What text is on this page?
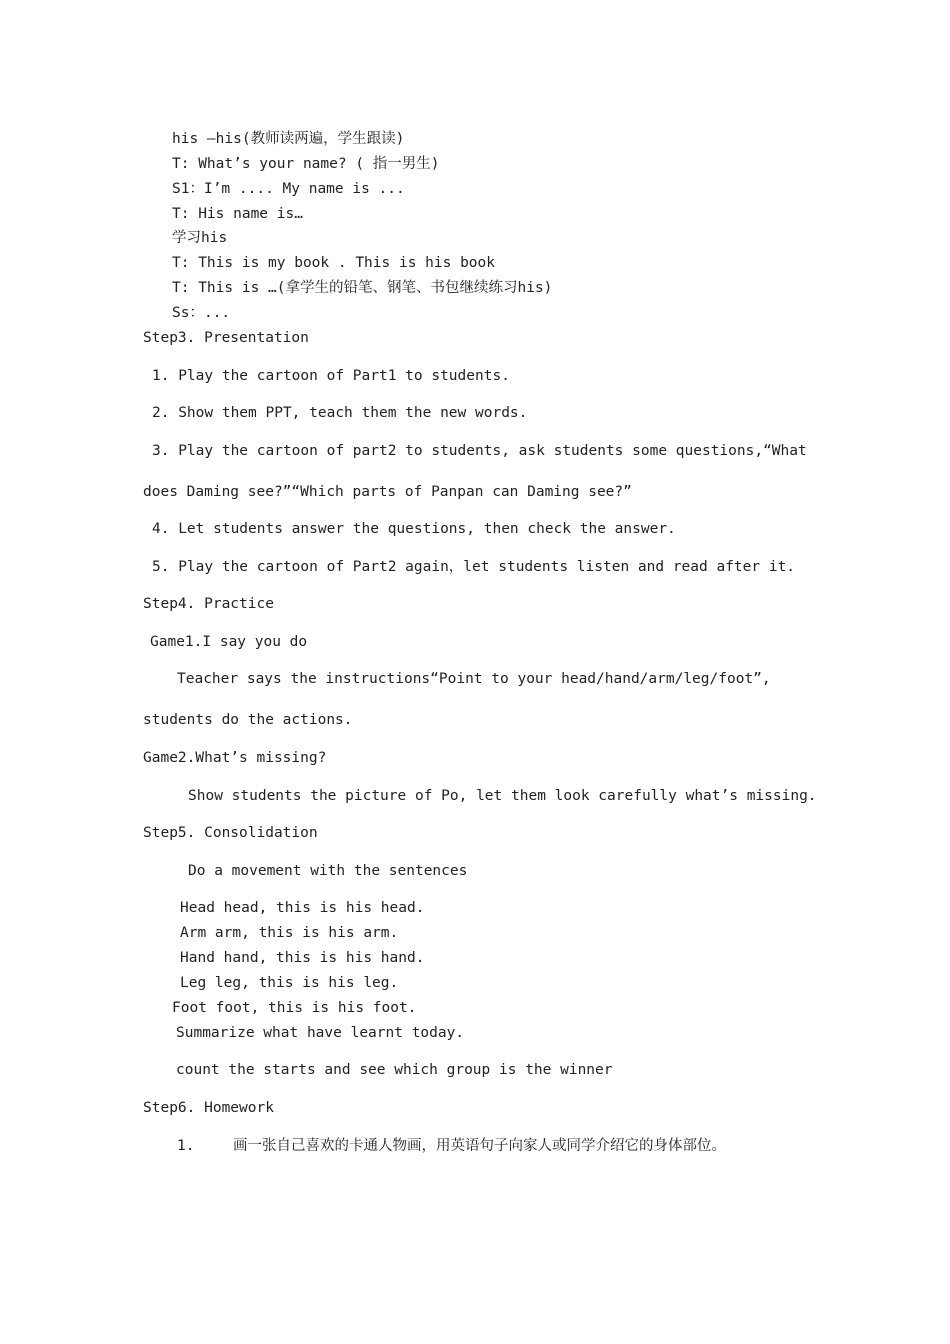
his –his(教师读两遍，学生跟读)
T: What’s your name? ( 指一男生)
S1：I’m .... My name is ...
T: His name is…
学习his
T: This is my book . This is his book
T: This is …(拿学生的铅笔、钢笔、书包继续练习his)
Ss：...
Step3. Presentation
1. Play the cartoon of Part1 to students.
2. Show them PPT, teach them the new words.
3. Play the cartoon of part2 to students, ask students some questions,“What
does Daming see?”“Which parts of Panpan can Daming see?”
4. Let students answer the questions, then check the answer.
5. Play the cartoon of Part2 again，let students listen and read after it.
Step4. Practice
Game1.I say you do
Teacher says the instructions“Point to your head/hand/arm/leg/foot”,
students do the actions.
Game2.What’s missing?
Show students the picture of Po, let them look carefully what’s missing.
Step5. Consolidation
Do a movement with the sentences
Head head, this is his head.
Arm arm, this is his arm.
Hand hand, this is his hand.
Leg leg, this is his leg.
Foot foot, this is his foot.
Summarize what have learnt today.
count the starts and see which group is the winner
Step6. Homework
1.	画一张自己喜欢的卡通人物画，用英语句子向家人或同学介绍它的身体部位。
